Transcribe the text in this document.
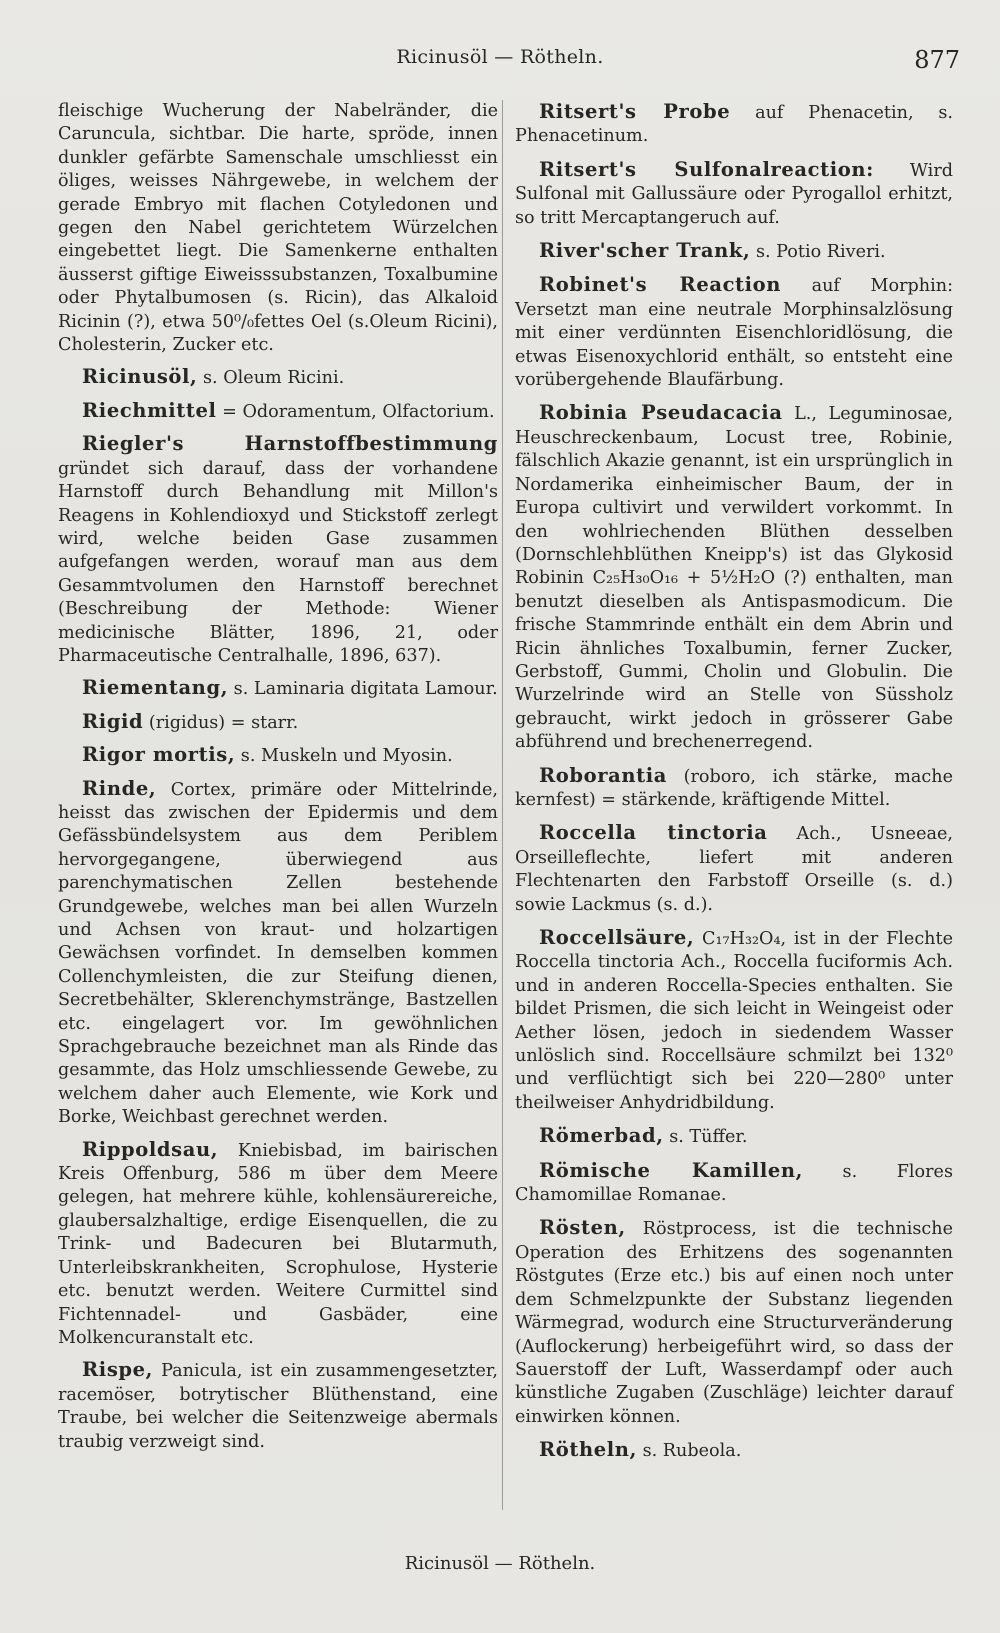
Ricinusöl — Rötheln.	877

fleischige Wucherung der Nabelränder, die Caruncula, sichtbar. Die harte, spröde, innen dunkler gefärbte Samenschale umschliesst ein öliges, weisses Nährgewebe, in welchem der gerade Embryo mit flachen Cotyledonen und gegen den Nabel gerichtetem Würzelchen eingebettet liegt. Die Samenkerne enthalten äusserst giftige Eiweisssubstanzen, Toxalbumine oder Phytalbumosen (s. Ricin), das Alkaloid Ricinin (?), etwa 50⁰/₀fettes Oel (s.Oleum Ricini), Cholesterin, Zucker etc.

Ricinusöl, s. Oleum Ricini.
Riechmittel = Odoramentum, Olfactorium.
Riegler's Harnstoffbestimmung gründet sich darauf, dass der vorhandene Harnstoff durch Behandlung mit Millon's Reagens in Kohlendioxyd und Stickstoff zerlegt wird, welche beiden Gase zusammen aufgefangen werden, worauf man aus dem Gesammtvolumen den Harnstoff berechnet (Beschreibung der Methode: Wiener medicinische Blätter, 1896, 21, oder Pharmaceutische Centralhalle, 1896, 637).
Riementang, s. Laminaria digitata Lamour.
Rigid (rigidus) = starr.
Rigor mortis, s. Muskeln und Myosin.
Rinde, Cortex, primäre oder Mittelrinde, heisst das zwischen der Epidermis und dem Gefässbündelsystem aus dem Periblem hervorgegangene, überwiegend aus parenchymatischen Zellen bestehende Grundgewebe, welches man bei allen Wurzeln und Achsen von kraut- und holzartigen Gewächsen vorfindet. In demselben kommen Collenchymleisten, die zur Steifung dienen, Secretbehälter, Sklerenchymstränge, Bastzellen etc. eingelagert vor. Im gewöhnlichen Sprachgebrauche bezeichnet man als Rinde das gesammte, das Holz umschliessende Gewebe, zu welchem daher auch Elemente, wie Kork und Borke, Weichbast gerechnet werden.
Rippoldsau, Kniebisbad, im bairischen Kreis Offenburg, 586 m über dem Meere gelegen, hat mehrere kühle, kohlensäurereiche, glaubersalzhaltige, erdige Eisenquellen, die zu Trink- und Badecuren bei Blutarmuth, Unterleibskrankheiten, Scrophulose, Hysterie etc. benutzt werden. Weitere Curmittel sind Fichtennadel- und Gasbäder, eine Molkencuranstalt etc.
Rispe, Panicula, ist ein zusammengesetzter, racemöser, botrytischer Blüthenstand, eine Traube, bei welcher die Seitenzweige abermals traubig verzweigt sind.
Ritsert's Probe auf Phenacetin, s. Phenacetinum.
Ritsert's Sulfonalreaction: Wird Sulfonal mit Gallussäure oder Pyrogallol erhitzt, so tritt Mercaptangeruch auf.
River'scher Trank, s. Potio Riveri.
Robinet's Reaction auf Morphin: Versetzt man eine neutrale Morphinsalzlösung mit einer verdünnten Eisenchloridlösung, die etwas Eisenoxychlorid enthält, so entsteht eine vorübergehende Blaufärbung.
Robinia Pseudacacia L., Leguminosae, Heuschreckenbaum, Locust tree, Robinie, fälschlich Akazie genannt, ist ein ursprünglich in Nordamerika einheimischer Baum, der in Europa cultivirt und verwildert vorkommt. In den wohlriechenden Blüthen desselben (Dornschlehblüthen Kneipp's) ist das Glykosid Robinin C₂₅H₃₀O₁₆ + 5½H₂O (?) enthalten, man benutzt dieselben als Antispasmodicum. Die frische Stammrinde enthält ein dem Abrin und Ricin ähnliches Toxalbumin, ferner Zucker, Gerbstoff, Gummi, Cholin und Globulin. Die Wurzelrinde wird an Stelle von Süssholz gebraucht, wirkt jedoch in grösserer Gabe abführend und brechenerregend.
Roborantia (roboro, ich stärke, mache kernfest) = stärkende, kräftigende Mittel.
Roccella tinctoria Ach., Usneeae, Orseilleflechte, liefert mit anderen Flechtenarten den Farbstoff Orseille (s. d.) sowie Lackmus (s. d.).
Roccellsäure, C₁₇H₃₂O₄, ist in der Flechte Roccella tinctoria Ach., Roccella fuciformis Ach. und in anderen Roccella-Species enthalten. Sie bildet Prismen, die sich leicht in Weingeist oder Aether lösen, jedoch in siedendem Wasser unlöslich sind. Roccellsäure schmilzt bei 132⁰ und verflüchtigt sich bei 220—280⁰ unter theilweiser Anhydridbildung.
Römerbad, s. Tüffer.
Römische Kamillen, s. Flores Chamomillae Romanae.
Rösten, Röstprocess, ist die technische Operation des Erhitzens des sogenannten Röstgutes (Erze etc.) bis auf einen noch unter dem Schmelzpunkte der Substanz liegenden Wärmegrad, wodurch eine Structurveränderung (Auflockerung) herbeigeführt wird, so dass der Sauerstoff der Luft, Wasserdampf oder auch künstliche Zugaben (Zuschläge) leichter darauf einwirken können.
Rötheln, s. Rubeola.
Ricinusöl — Rötheln.
